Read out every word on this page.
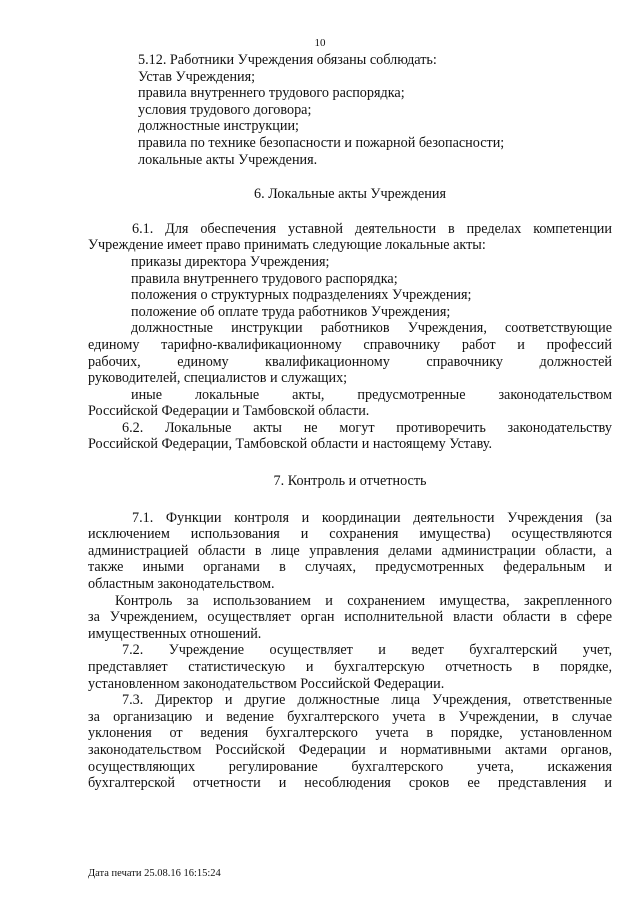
10
5.12. Работники Учреждения обязаны соблюдать:
Устав Учреждения;
правила внутреннего трудового распорядка;
условия трудового договора;
должностные инструкции;
правила по технике безопасности и пожарной безопасности;
локальные акты Учреждения.
6. Локальные акты Учреждения
6.1. Для обеспечения уставной деятельности в пределах компетенции
Учреждение имеет право принимать следующие локальные акты:
приказы директора Учреждения;
правила внутреннего трудового распорядка;
положения о структурных подразделениях Учреждения;
положение об оплате труда работников Учреждения;
должностные инструкции работников Учреждения, соответствующие
единому тарифно-квалификационному справочнику работ и профессий
рабочих, единому квалификационному справочнику должностей
руководителей, специалистов и служащих;
иные локальные акты, предусмотренные законодательством
Российской Федерации и Тамбовской области.
6.2. Локальные акты не могут противоречить законодательству
Российской Федерации, Тамбовской области и настоящему Уставу.
7. Контроль и отчетность
7.1. Функции контроля и координации деятельности Учреждения (за
исключением использования и сохранения имущества) осуществляются
администрацией области в лице управления делами администрации области, а
также иными органами в случаях, предусмотренных федеральным и
областным законодательством.
Контроль за использованием и сохранением имущества, закрепленного
за Учреждением, осуществляет орган исполнительной власти области в сфере
имущественных отношений.
7.2. Учреждение осуществляет и ведет бухгалтерский учет,
представляет статистическую и бухгалтерскую отчетность в порядке,
установленном законодательством Российской Федерации.
7.3. Директор и другие должностные лица Учреждения, ответственные
за организацию и ведение бухгалтерского учета в Учреждении, в случае
уклонения от ведения бухгалтерского учета в порядке, установленном
законодательством Российской Федерации и нормативными актами органов,
осуществляющих регулирование бухгалтерского учета, искажения
бухгалтерской отчетности и несоблюдения сроков ее представления и
Дата печати 25.08.16 16:15:24
